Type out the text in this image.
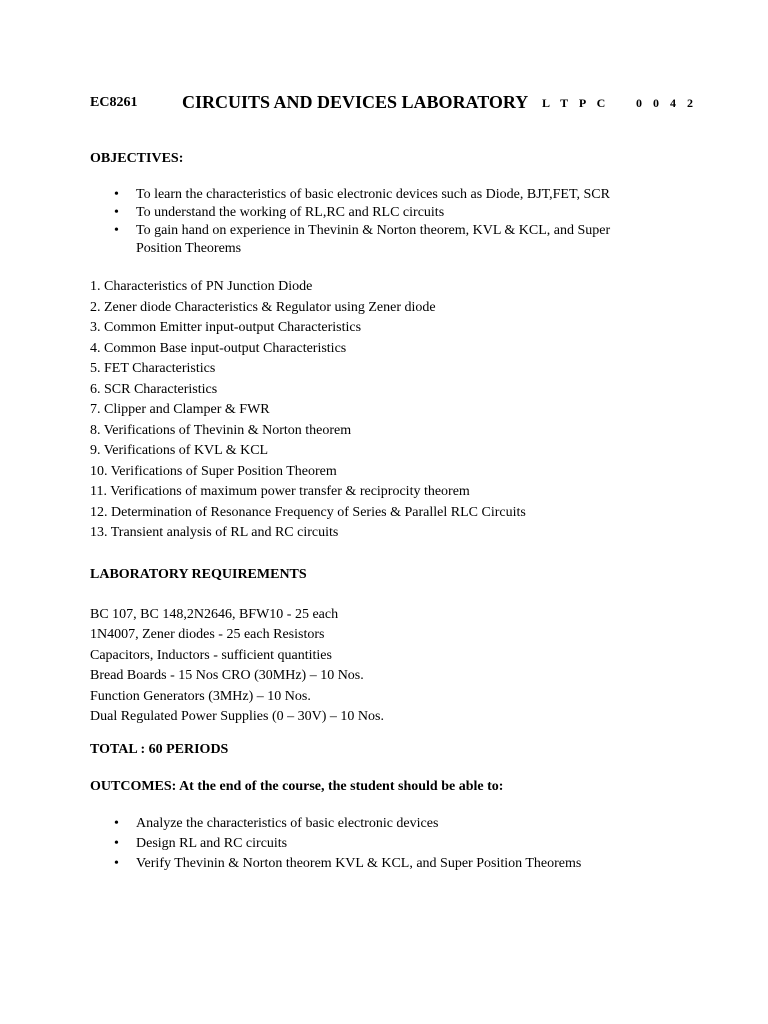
EC8261 CIRCUITS AND DEVICES LABORATORY L T P C 0 0 4 2
OBJECTIVES:
• To learn the characteristics of basic electronic devices such as Diode, BJT,FET, SCR
• To understand the working of RL,RC and RLC circuits
• To gain hand on experience in Thevinin & Norton theorem, KVL & KCL, and Super Position Theorems
1. Characteristics of PN Junction Diode
2. Zener diode Characteristics & Regulator using Zener diode
3. Common Emitter input-output Characteristics
4. Common Base input-output Characteristics
5. FET Characteristics
6. SCR Characteristics
7. Clipper and Clamper & FWR
8. Verifications of Thevinin & Norton theorem
9. Verifications of KVL & KCL
10. Verifications of Super Position Theorem
11. Verifications of maximum power transfer & reciprocity theorem
12. Determination of Resonance Frequency of Series & Parallel RLC Circuits
13. Transient analysis of RL and RC circuits
LABORATORY REQUIREMENTS
BC 107, BC 148,2N2646, BFW10 - 25 each
1N4007, Zener diodes - 25 each Resistors
Capacitors, Inductors - sufficient quantities
Bread Boards - 15 Nos CRO (30MHz) – 10 Nos.
Function Generators (3MHz) – 10 Nos.
Dual Regulated Power Supplies (0 – 30V) – 10 Nos.
TOTAL : 60 PERIODS
OUTCOMES: At the end of the course, the student should be able to:
• Analyze the characteristics of basic electronic devices
• Design RL and RC circuits
• Verify Thevinin & Norton theorem KVL & KCL, and Super Position Theorems
